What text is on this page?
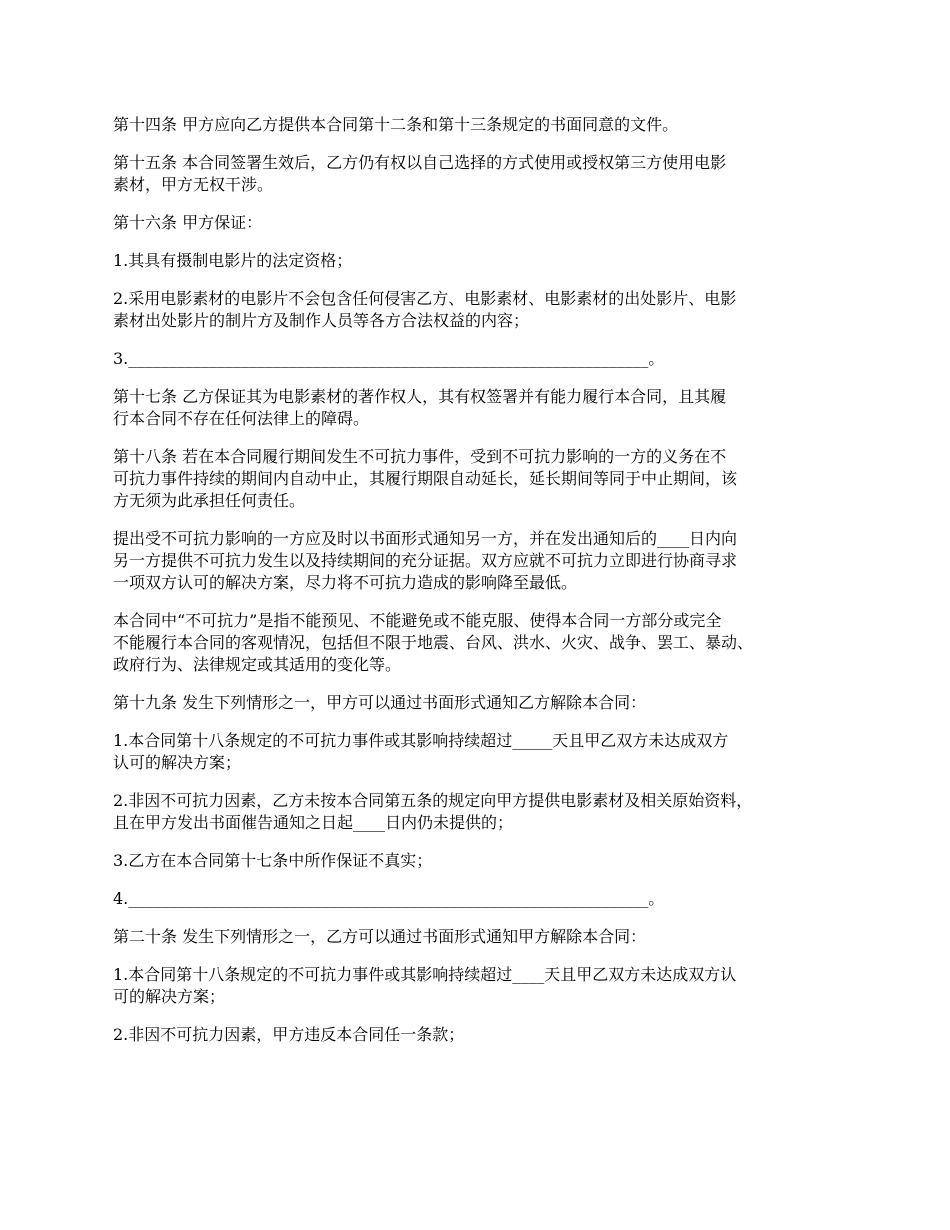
第十四条 甲方应向乙方提供本合同第十二条和第十三条规定的书面同意的文件。

第十五条 本合同签署生效后，乙方仍有权以自己选择的方式使用或授权第三方使用电影
素材，甲方无权干涉。

第十六条 甲方保证：

1.其具有摄制电影片的法定资格；

2.采用电影素材的电影片不会包含任何侵害乙方、电影素材、电影素材的出处影片、电影
素材出处影片的制片方及制作人员等各方合法权益的内容；

3._________________________________________________________________。

第十七条 乙方保证其为电影素材的著作权人，其有权签署并有能力履行本合同，且其履
行本合同不存在任何法律上的障碍。

第十八条 若在本合同履行期间发生不可抗力事件，受到不可抗力影响的一方的义务在不
可抗力事件持续的期间内自动中止，其履行期限自动延长，延长期间等同于中止期间，该
方无须为此承担任何责任。

提出受不可抗力影响的一方应及时以书面形式通知另一方，并在发出通知后的____日内向
另一方提供不可抗力发生以及持续期间的充分证据。双方应就不可抗力立即进行协商寻求
一项双方认可的解决方案，尽力将不可抗力造成的影响降至最低。

本合同中“不可抗力”是指不能预见、不能避免或不能克服、使得本合同一方部分或完全
不能履行本合同的客观情况，包括但不限于地震、台风、洪水、火灾、战争、罢工、暴动、
政府行为、法律规定或其适用的变化等。

第十九条 发生下列情形之一，甲方可以通过书面形式通知乙方解除本合同：

1.本合同第十八条规定的不可抗力事件或其影响持续超过_____天且甲乙双方未达成双方
认可的解决方案；

2.非因不可抗力因素，乙方未按本合同第五条的规定向甲方提供电影素材及相关原始资料，
且在甲方发出书面催告通知之日起____日内仍未提供的；

3.乙方在本合同第十七条中所作保证不真实；

4._________________________________________________________________。

第二十条 发生下列情形之一，乙方可以通过书面形式通知甲方解除本合同：

1.本合同第十八条规定的不可抗力事件或其影响持续超过____天且甲乙双方未达成双方认
可的解决方案；

2.非因不可抗力因素，甲方违反本合同任一条款；
